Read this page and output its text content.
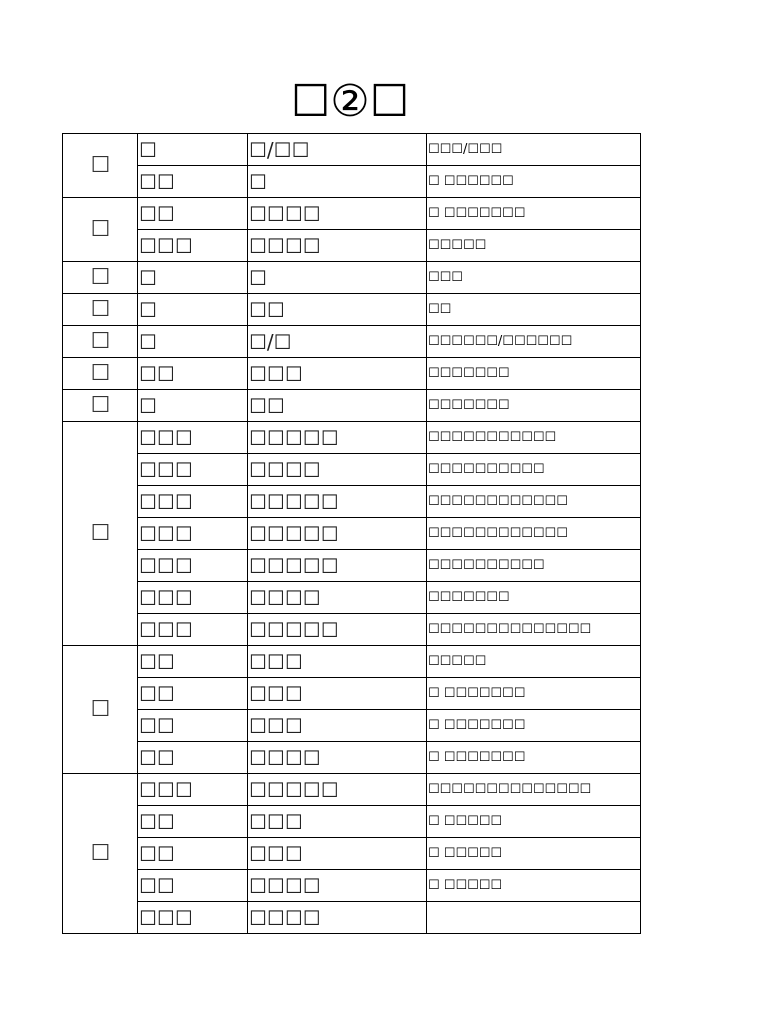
☐②☐
☐	☐	☐/☐☐	☐☐☐/☐☐☐
	☐☐	☐	☐ ☐☐☐☐☐☐
☐	☐☐	☐☐☐☐	☐ ☐☐☐☐☐☐☐
	☐☐☐	☐☐☐☐	☐☐☐☐☐
☐	☐	☐	☐☐☐
☐	☐	☐☐	☐☐
☐	☐	☐/☐	☐☐☐☐☐☐/☐☐☐☐☐☐
☐	☐☐	☐☐☐	☐☐☐☐☐☐☐
☐	☐	☐☐	☐☐☐☐☐☐☐
☐	☐☐☐	☐☐☐☐☐	☐☐☐☐☐☐☐☐☐☐☐
	☐☐☐	☐☐☐☐	☐☐☐☐☐☐☐☐☐☐
	☐☐☐	☐☐☐☐☐	☐☐☐☐☐☐☐☐☐☐☐☐
	☐☐☐	☐☐☐☐☐	☐☐☐☐☐☐☐☐☐☐☐☐
	☐☐☐	☐☐☐☐☐	☐☐☐☐☐☐☐☐☐☐
	☐☐☐	☐☐☐☐	☐☐☐☐☐☐☐
	☐☐☐	☐☐☐☐☐	☐☐☐☐☐☐☐☐☐☐☐☐☐☐
☐	☐☐	☐☐☐	☐☐☐☐☐
	☐☐	☐☐☐	☐ ☐☐☐☐☐☐☐
	☐☐	☐☐☐	☐ ☐☐☐☐☐☐☐
	☐☐	☐☐☐☐	☐ ☐☐☐☐☐☐☐
☐	☐☐☐	☐☐☐☐☐	☐☐☐☐☐☐☐☐☐☐☐☐☐☐
	☐☐	☐☐☐	☐ ☐☐☐☐☐
	☐☐	☐☐☐	☐ ☐☐☐☐☐
	☐☐	☐☐☐☐	☐ ☐☐☐☐☐
	☐☐☐	☐☐☐☐	
